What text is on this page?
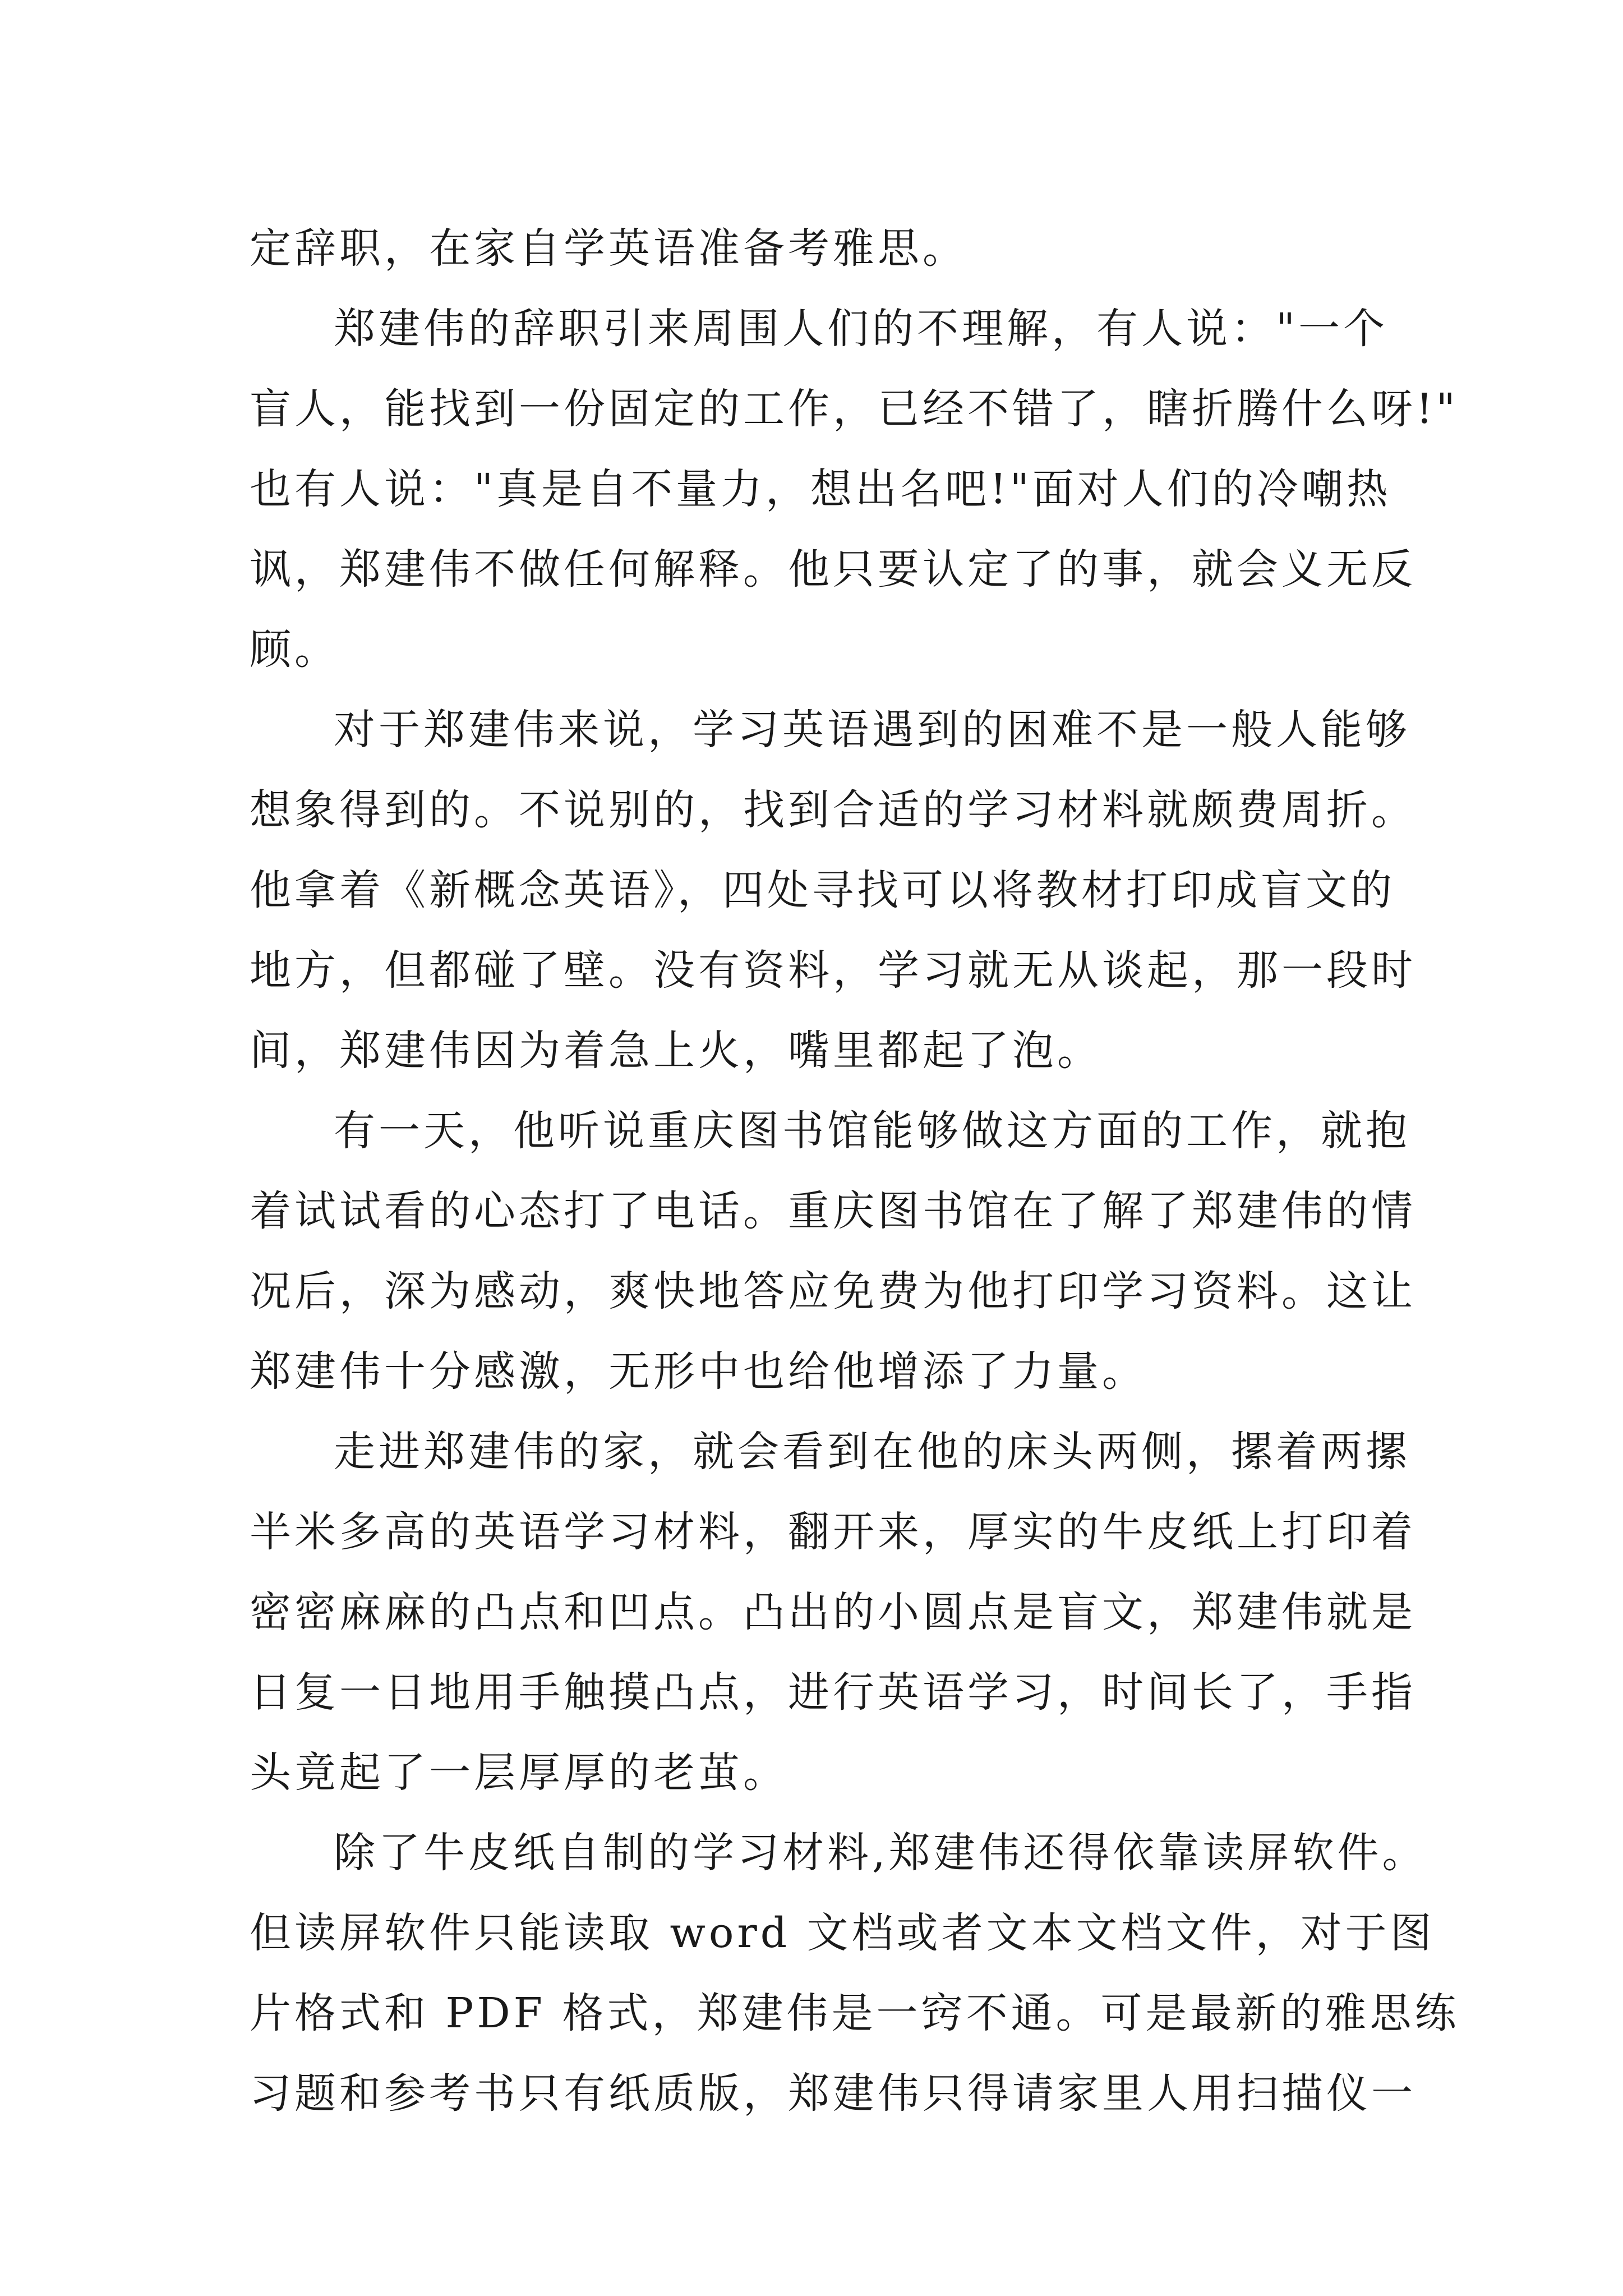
定辞职，在家自学英语准备考雅思。
郑建伟的辞职引来周围人们的不理解，有人说："一个
盲人，能找到一份固定的工作，已经不错了，瞎折腾什么呀!"
也有人说："真是自不量力，想出名吧!"面对人们的冷嘲热
讽，郑建伟不做任何解释。他只要认定了的事，就会义无反
顾。
对于郑建伟来说，学习英语遇到的困难不是一般人能够
想象得到的。不说别的，找到合适的学习材料就颇费周折。
他拿着《新概念英语》，四处寻找可以将教材打印成盲文的
地方，但都碰了壁。没有资料，学习就无从谈起，那一段时
间，郑建伟因为着急上火，嘴里都起了泡。
有一天，他听说重庆图书馆能够做这方面的工作，就抱
着试试看的心态打了电话。重庆图书馆在了解了郑建伟的情
况后，深为感动，爽快地答应免费为他打印学习资料。这让
郑建伟十分感激，无形中也给他增添了力量。
走进郑建伟的家，就会看到在他的床头两侧，摞着两摞
半米多高的英语学习材料，翻开来，厚实的牛皮纸上打印着
密密麻麻的凸点和凹点。凸出的小圆点是盲文，郑建伟就是
日复一日地用手触摸凸点，进行英语学习，时间长了，手指
头竟起了一层厚厚的老茧。
除了牛皮纸自制的学习材料,郑建伟还得依靠读屏软件。
但读屏软件只能读取 word 文档或者文本文档文件，对于图
片格式和 PDF 格式，郑建伟是一窍不通。可是最新的雅思练
习题和参考书只有纸质版，郑建伟只得请家里人用扫描仪一
